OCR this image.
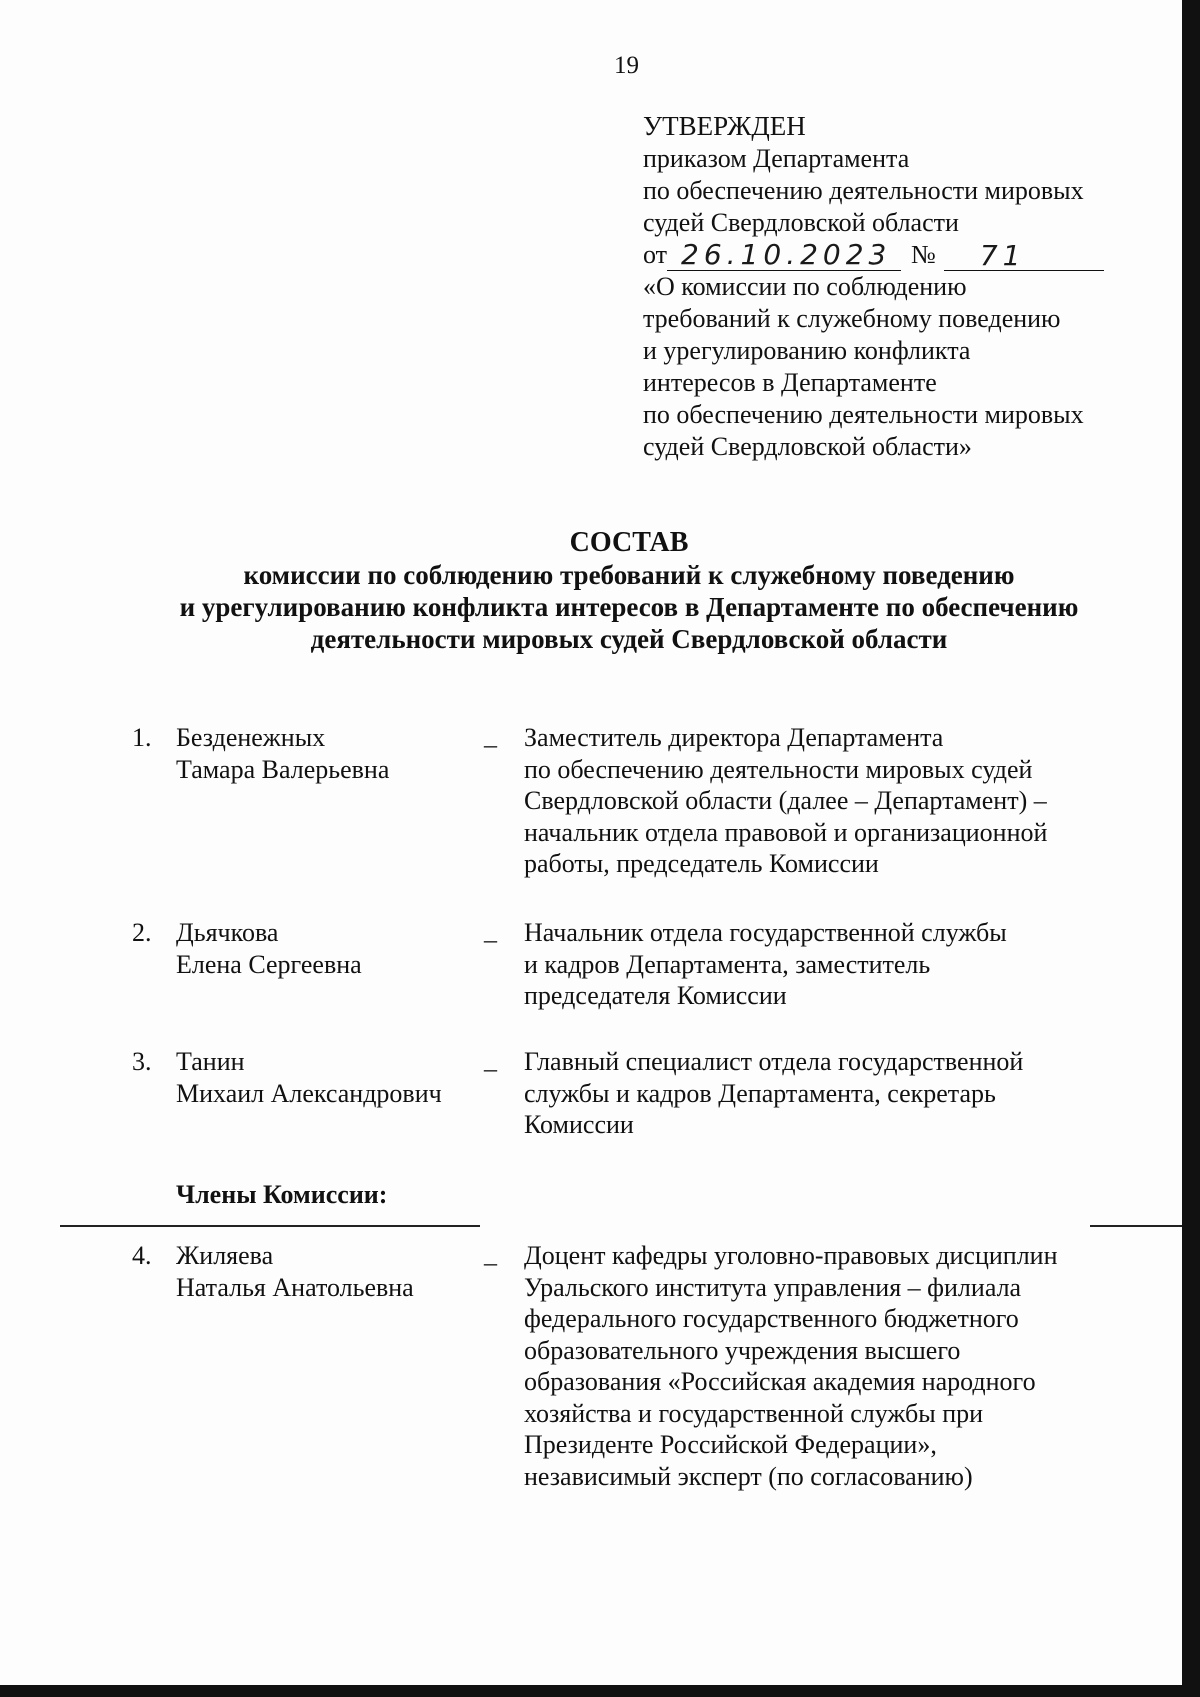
19
УТВЕРЖДЕН
приказом Департамента
по обеспечению деятельности мировых
судей Свердловской области
от 26.10.2023 №	71
«О комиссии по соблюдению
требований к служебному поведению
и урегулированию конфликта
интересов в Департаменте
по обеспечению деятельности мировых
судей Свердловской области»
СОСТАВ
комиссии по соблюдению требований к служебному поведению
и урегулированию конфликта интересов в Департаменте по обеспечению
деятельности мировых судей Свердловской области
1. Безденежных
Тамара Валерьевна
_ Заместитель директора Департамента
по обеспечению деятельности мировых судей
Свердловской области (далее – Департамент) –
начальник отдела правовой и организационной
работы, председатель Комиссии
2. Дьячкова
Елена Сергеевна
_ Начальник отдела государственной службы
и кадров Департамента, заместитель
председателя Комиссии
3. Танин
Михаил Александрович
_ Главный специалист отдела государственной
службы и кадров Департамента, секретарь
Комиссии
Члены Комиссии:
4. Жиляева
Наталья Анатольевна
_ Доцент кафедры уголовно-правовых дисциплин
Уральского института управления – филиала
федерального государственного бюджетного
образовательного учреждения высшего
образования «Российская академия народного
хозяйства и государственной службы при
Президенте Российской Федерации»,
независимый эксперт (по согласованию)
